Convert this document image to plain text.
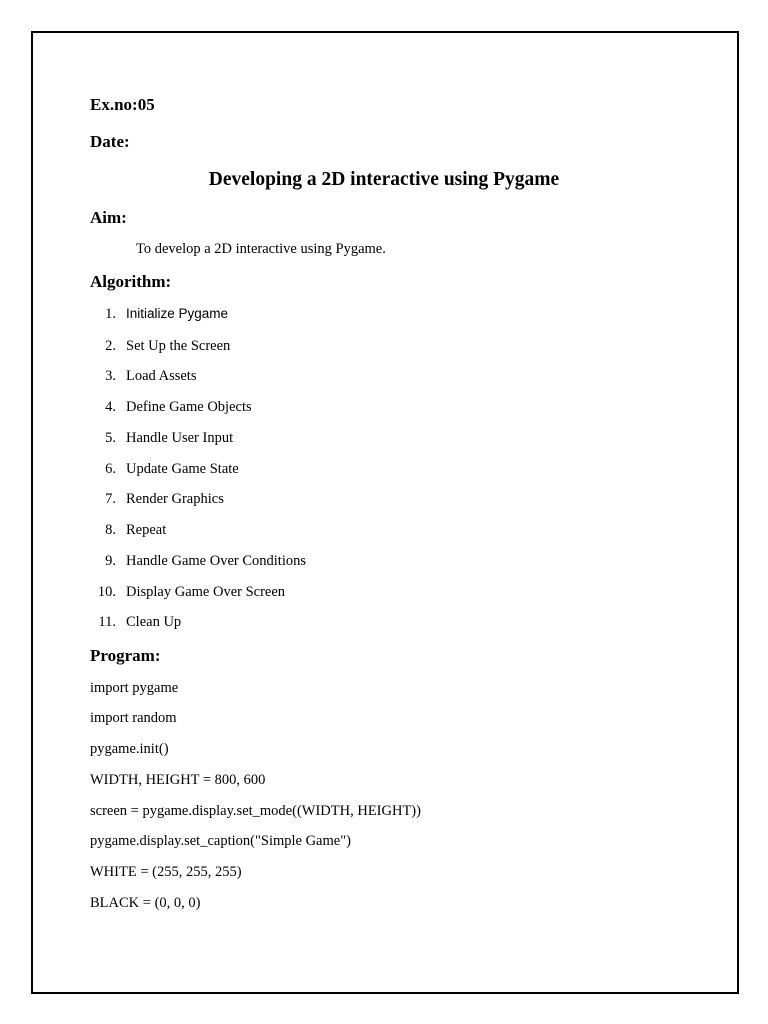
Ex.no:05
Date:
Developing a 2D interactive using Pygame
Aim:
To develop a 2D interactive using Pygame.
Algorithm:
1. Initialize Pygame
2. Set Up the Screen
3. Load Assets
4. Define Game Objects
5. Handle User Input
6. Update Game State
7. Render Graphics
8. Repeat
9. Handle Game Over Conditions
10. Display Game Over Screen
11. Clean Up
Program:
import pygame
import random
pygame.init()
WIDTH, HEIGHT = 800, 600
screen = pygame.display.set_mode((WIDTH, HEIGHT))
pygame.display.set_caption("Simple Game")
WHITE = (255, 255, 255)
BLACK = (0, 0, 0)
